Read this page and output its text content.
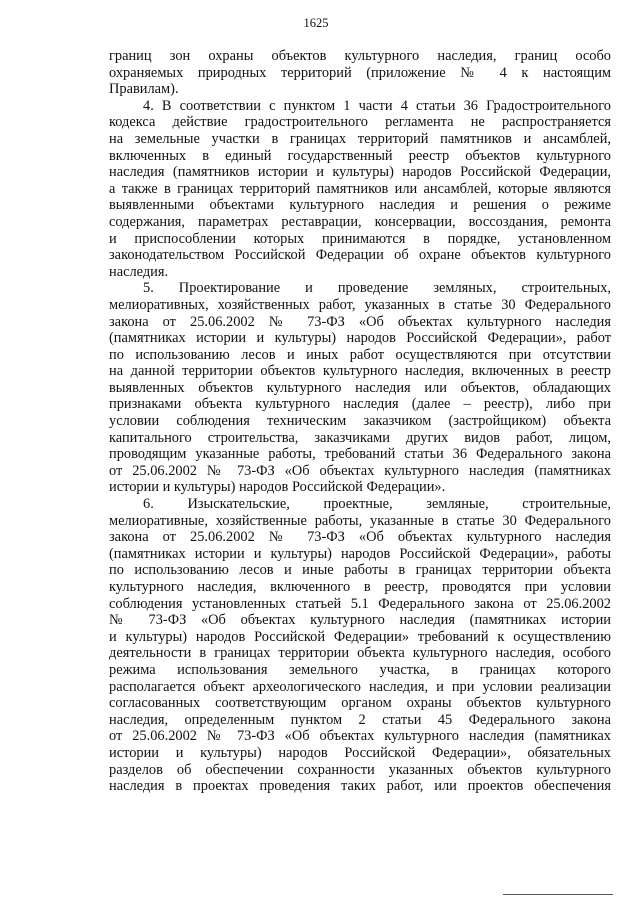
1625
границ зон охраны объектов культурного наследия, границ особо
охраняемых природных территорий (приложение № 4 к настоящим
Правилам).
4. В соответствии с пунктом 1 части 4 статьи 36 Градостроительного
кодекса действие градостроительного регламента не распространяется
на земельные участки в границах территорий памятников и ансамблей,
включенных в единый государственный реестр объектов культурного
наследия (памятников истории и культуры) народов Российской Федерации,
а также в границах территорий памятников или ансамблей, которые являются
выявленными объектами культурного наследия и решения о режиме
содержания, параметрах реставрации, консервации, воссоздания, ремонта
и приспособлении которых принимаются в порядке, установленном
законодательством Российской Федерации об охране объектов культурного
наследия.
5. Проектирование и проведение земляных, строительных,
мелиоративных, хозяйственных работ, указанных в статье 30 Федерального
закона от 25.06.2002 № 73-ФЗ «Об объектах культурного наследия
(памятниках истории и культуры) народов Российской Федерации», работ
по использованию лесов и иных работ осуществляются при отсутствии
на данной территории объектов культурного наследия, включенных в реестр
выявленных объектов культурного наследия или объектов, обладающих
признаками объекта культурного наследия (далее – реестр), либо при
условии соблюдения техническим заказчиком (застройщиком) объекта
капитального строительства, заказчиками других видов работ, лицом,
проводящим указанные работы, требований статьи 36 Федерального закона
от 25.06.2002 № 73-ФЗ «Об объектах культурного наследия (памятниках
истории и культуры) народов Российской Федерации».
6. Изыскательские, проектные, земляные, строительные,
мелиоративные, хозяйственные работы, указанные в статье 30 Федерального
закона от 25.06.2002 № 73-ФЗ «Об объектах культурного наследия
(памятниках истории и культуры) народов Российской Федерации», работы
по использованию лесов и иные работы в границах территории объекта
культурного наследия, включенного в реестр, проводятся при условии
соблюдения установленных статьей 5.1 Федерального закона от 25.06.2002
№ 73-ФЗ «Об объектах культурного наследия (памятниках истории
и культуры) народов Российской Федерации» требований к осуществлению
деятельности в границах территории объекта культурного наследия, особого
режима использования земельного участка, в границах которого
располагается объект археологического наследия, и при условии реализации
согласованных соответствующим органом охраны объектов культурного
наследия, определенным пунктом 2 статьи 45 Федерального закона
от 25.06.2002 № 73-ФЗ «Об объектах культурного наследия (памятниках
истории и культуры) народов Российской Федерации», обязательных
разделов об обеспечении сохранности указанных объектов культурного
наследия в проектах проведения таких работ, или проектов обеспечения
